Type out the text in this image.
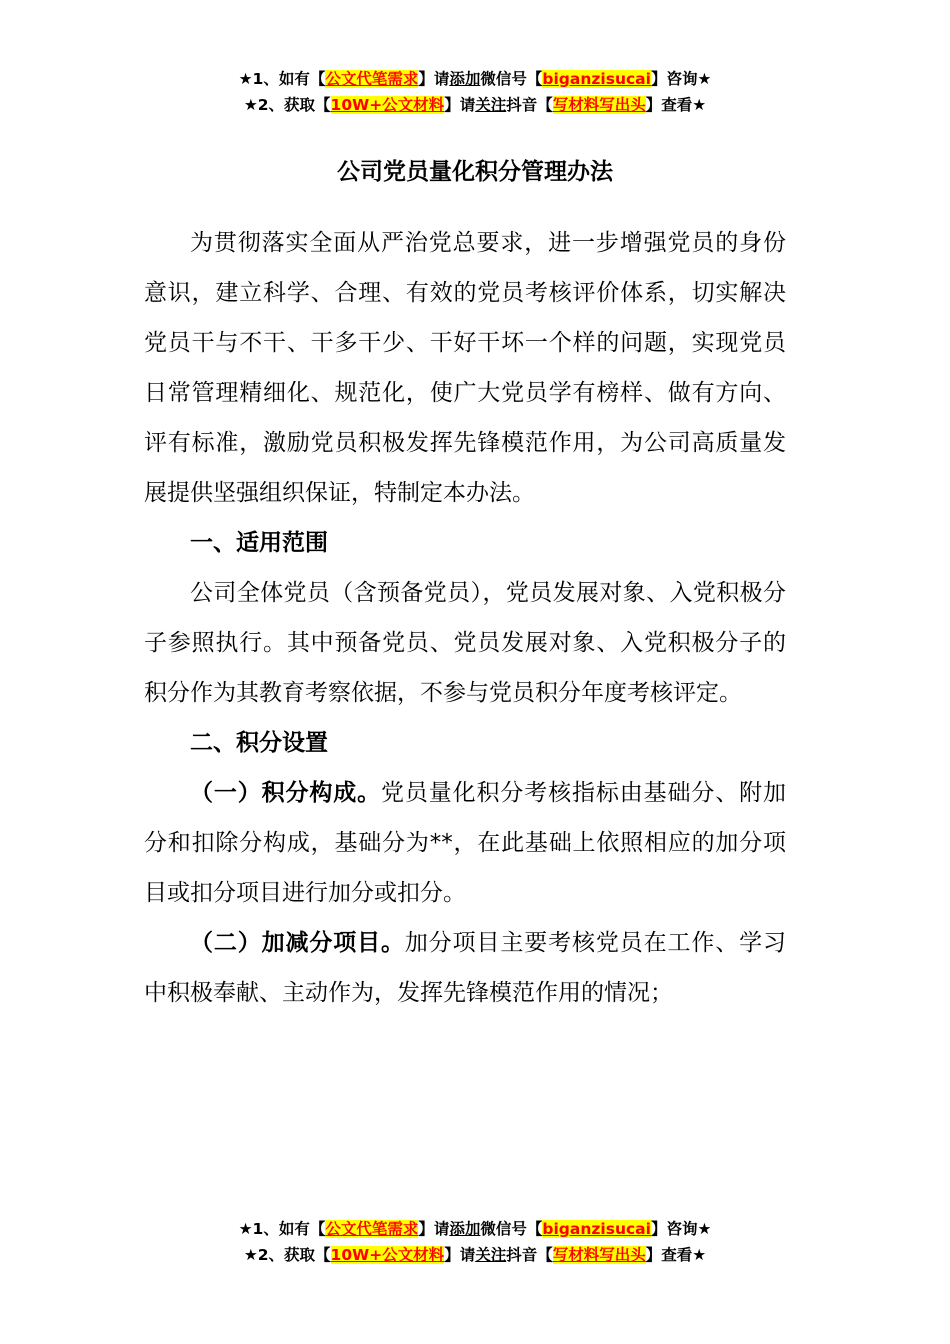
★1、如有【公文代笔需求】请添加微信号【biganzisucai】咨询★
★2、获取【10W+公文材料】请关注抖音【写材料写出头】查看★
公司党员量化积分管理办法

为贯彻落实全面从严治党总要求，进一步增强党员的身份意识，建立科学、合理、有效的党员考核评价体系，切实解决党员干与不干、干多干少、干好干坏一个样的问题，实现党员日常管理精细化、规范化，使广大党员学有榜样、做有方向、评有标准，激励党员积极发挥先锋模范作用，为公司高质量发展提供坚强组织保证，特制定本办法。

一、适用范围

公司全体党员（含预备党员），党员发展对象、入党积极分子参照执行。其中预备党员、党员发展对象、入党积极分子的积分作为其教育考察依据，不参与党员积分年度考核评定。

二、积分设置

（一）积分构成。党员量化积分考核指标由基础分、附加分和扣除分构成，基础分为**，在此基础上依照相应的加分项目或扣分项目进行加分或扣分。

（二）加减分项目。加分项目主要考核党员在工作、学习中积极奉献、主动作为，发挥先锋模范作用的情况；

★1、如有【公文代笔需求】请添加微信号【biganzisucai】咨询★
★2、获取【10W+公文材料】请关注抖音【写材料写出头】查看★
